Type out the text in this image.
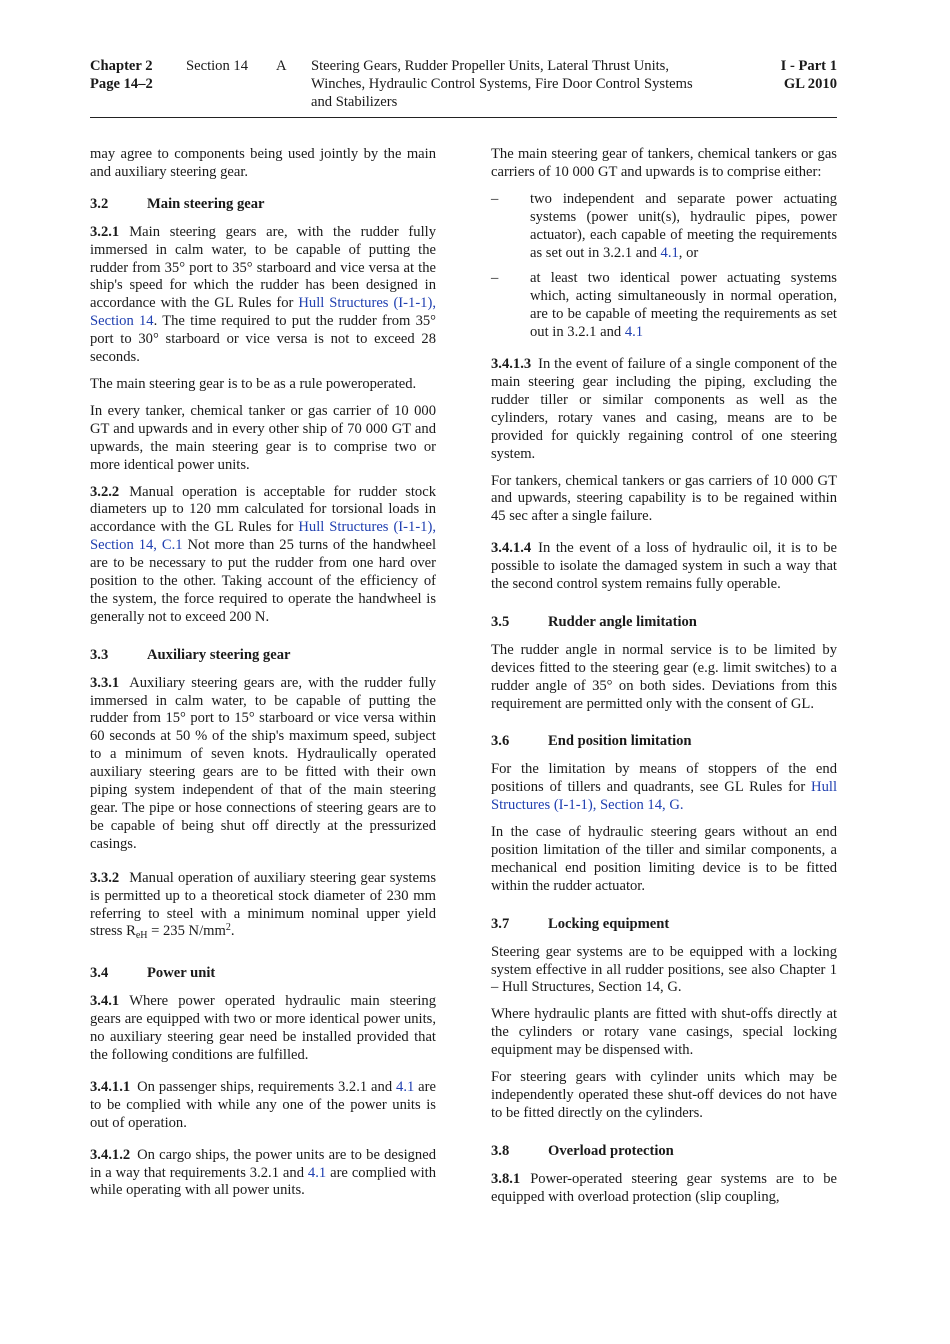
Chapter 2
Page 14–2
Section 14 A Steering Gears, Rudder Propeller Units, Lateral Thrust Units,
Winches, Hydraulic Control Systems, Fire Door Control Systems
and Stabilizers
I - Part 1
GL 2010

may agree to components being used jointly by the main and auxiliary steering gear.

3.2	Main steering gear

3.2.1 Main steering gears are, with the rudder fully immersed in calm water, to be capable of putting the rudder from 35° port to 35° starboard and vice versa at the ship's speed for which the rudder has been designed in accordance with the GL Rules for Hull Structures (I-1-1), Section 14. The time required to put the rudder from 35° port to 30° starboard or vice versa is not to exceed 28 seconds.

The main steering gear is to be as a rule poweroperated.

In every tanker, chemical tanker or gas carrier of 10 000 GT and upwards and in every other ship of 70 000 GT and upwards, the main steering gear is to comprise two or more identical power units.

3.2.2 Manual operation is acceptable for rudder stock diameters up to 120 mm calculated for torsional loads in accordance with the GL Rules for Hull Structures (I-1-1), Section 14, C.1 Not more than 25 turns of the handwheel are to be necessary to put the rudder from one hard over position to the other. Taking account of the efficiency of the system, the force required to operate the handwheel is generally not to exceed 200 N.

3.3	Auxiliary steering gear

3.3.1 Auxiliary steering gears are, with the rudder fully immersed in calm water, to be capable of putting the rudder from 15° port to 15° starboard or vice versa within 60 seconds at 50 % of the ship's maximum speed, subject to a minimum of seven knots. Hydraulically operated auxiliary steering gears are to be fitted with their own piping system independent of that of the main steering gear. The pipe or hose connections of steering gears are to be capable of being shut off directly at the pressurized casings.

3.3.2 Manual operation of auxiliary steering gear systems is permitted up to a theoretical stock diameter of 230 mm referring to steel with a minimum nominal upper yield stress $R_{eH} = 235$ $N/mm^2$.

3.4	Power unit

3.4.1 Where power operated hydraulic main steering gears are equipped with two or more identical power units, no auxiliary steering gear need be installed provided that the following conditions are fulfilled.

3.4.1.1 On passenger ships, requirements 3.2.1 and 4.1 are to be complied with while any one of the power units is out of operation.

3.4.1.2 On cargo ships, the power units are to be designed in a way that requirements 3.2.1 and 4.1 are complied with while operating with all power units.

The main steering gear of tankers, chemical tankers or gas carriers of 10 000 GT and upwards is to comprise either:

– two independent and separate power actuating systems (power unit(s), hydraulic pipes, power actuator), each capable of meeting the requirements as set out in 3.2.1 and 4.1, or
– at least two identical power actuating systems which, acting simultaneously in normal operation, are to be capable of meeting the requirements as set out in 3.2.1 and 4.1

3.4.1.3 In the event of failure of a single component of the main steering gear including the piping, excluding the rudder tiller or similar components as well as the cylinders, rotary vanes and casing, means are to be provided for quickly regaining control of one steering system.

For tankers, chemical tankers or gas carriers of 10 000 GT and upwards, steering capability is to be regained within 45 sec after a single failure.

3.4.1.4 In the event of a loss of hydraulic oil, it is to be possible to isolate the damaged system in such a way that the second control system remains fully operable.

3.5	Rudder angle limitation

The rudder angle in normal service is to be limited by devices fitted to the steering gear (e.g. limit switches) to a rudder angle of 35° on both sides. Deviations from this requirement are permitted only with the consent of GL.

3.6	End position limitation

For the limitation by means of stoppers of the end positions of tillers and quadrants, see GL Rules for Hull Structures (I-1-1), Section 14, G.

In the case of hydraulic steering gears without an end position limitation of the tiller and similar components, a mechanical end position limiting device is to be fitted within the rudder actuator.

3.7	Locking equipment

Steering gear systems are to be equipped with a locking system effective in all rudder positions, see also Chapter 1 – Hull Structures, Section 14, G.

Where hydraulic plants are fitted with shut-offs directly at the cylinders or rotary vane casings, special locking equipment may be dispensed with.

For steering gears with cylinder units which may be independently operated these shut-off devices do not have to be fitted directly on the cylinders.

3.8	Overload protection

3.8.1 Power-operated steering gear systems are to be equipped with overload protection (slip coupling,
